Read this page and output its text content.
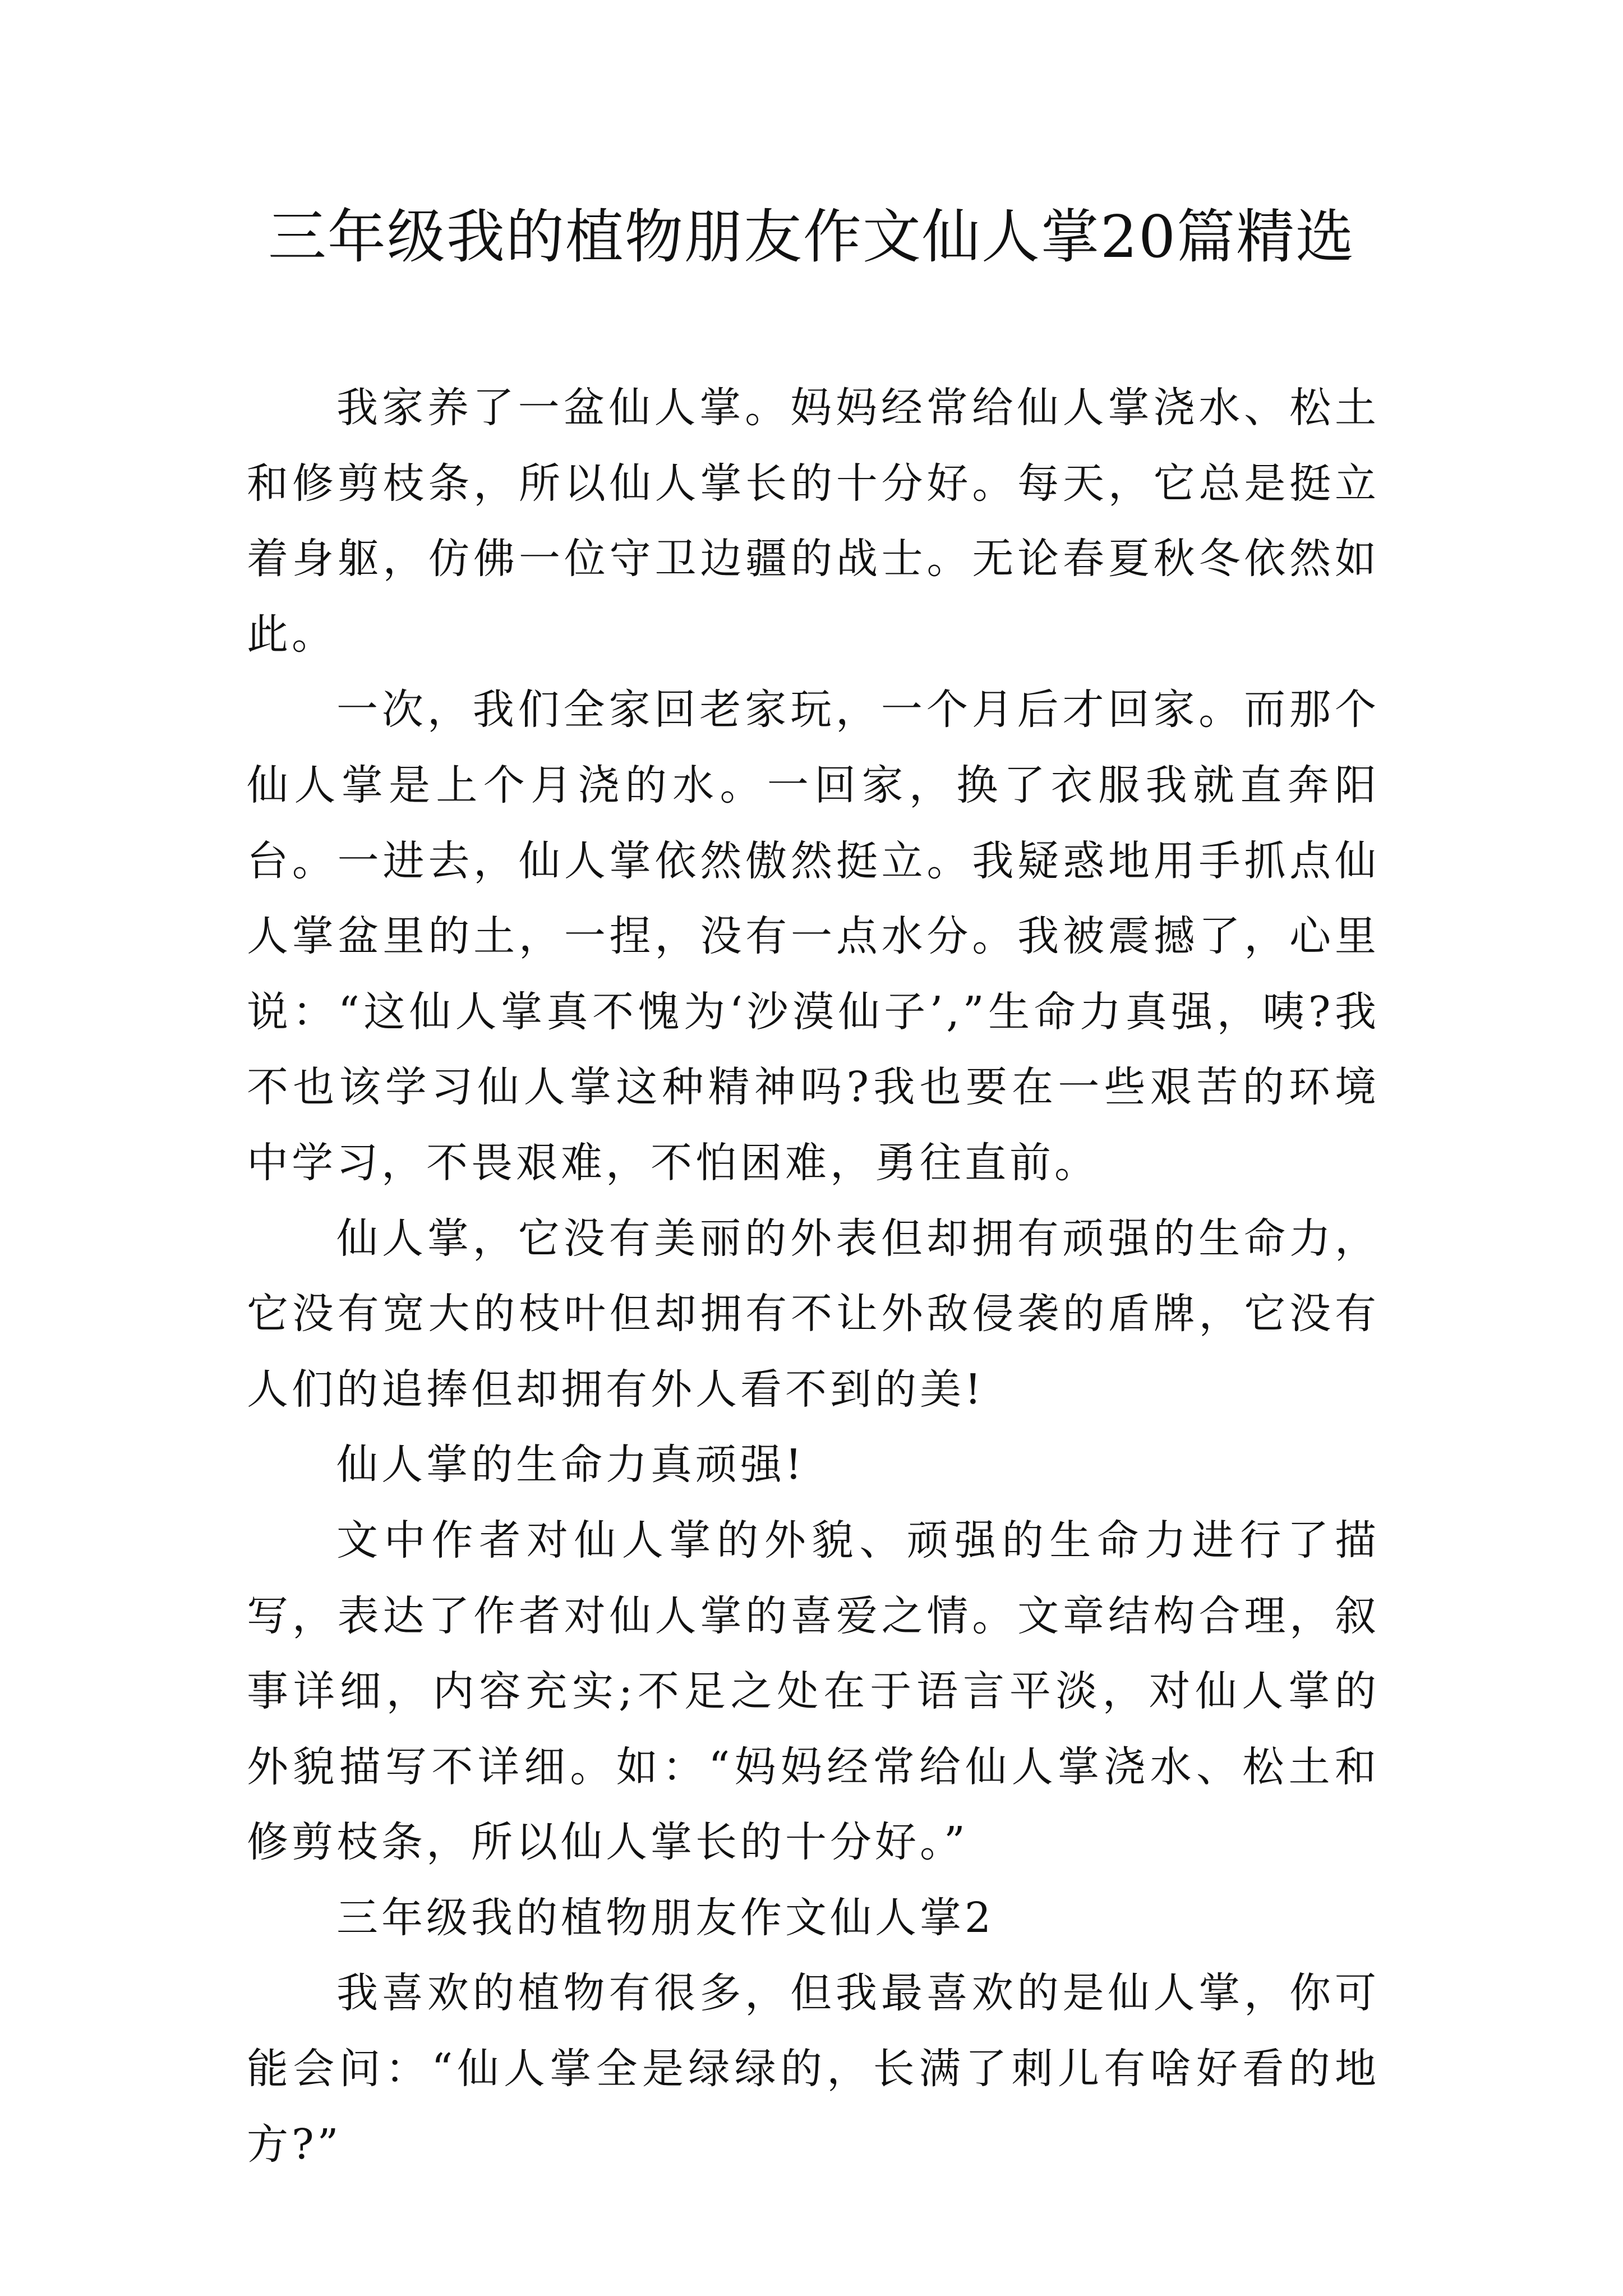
三年级我的植物朋友作文仙人掌20篇精选

我家养了一盆仙人掌。妈妈经常给仙人掌浇水、松土和修剪枝条，所以仙人掌长的十分好。每天，它总是挺立着身躯，仿佛一位守卫边疆的战士。无论春夏秋冬依然如此。

一次，我们全家回老家玩，一个月后才回家。而那个仙人掌是上个月浇的水。一回家，换了衣服我就直奔阳台。一进去，仙人掌依然傲然挺立。我疑惑地用手抓点仙人掌盆里的土，一捏，没有一点水分。我被震撼了，心里说：“这仙人掌真不愧为‘沙漠仙子’,”生命力真强，咦?我不也该学习仙人掌这种精神吗?我也要在一些艰苦的环境中学习，不畏艰难，不怕困难，勇往直前。

仙人掌，它没有美丽的外表但却拥有顽强的生命力，它没有宽大的枝叶但却拥有不让外敌侵袭的盾牌，它没有人们的追捧但却拥有外人看不到的美!

仙人掌的生命力真顽强!

文中作者对仙人掌的外貌、顽强的生命力进行了描写，表达了作者对仙人掌的喜爱之情。文章结构合理，叙事详细，内容充实;不足之处在于语言平淡，对仙人掌的外貌描写不详细。如：“妈妈经常给仙人掌浇水、松土和修剪枝条，所以仙人掌长的十分好。”

三年级我的植物朋友作文仙人掌2

我喜欢的植物有很多，但我最喜欢的是仙人掌，你可能会问：“仙人掌全是绿绿的，长满了刺儿有啥好看的地方?”
